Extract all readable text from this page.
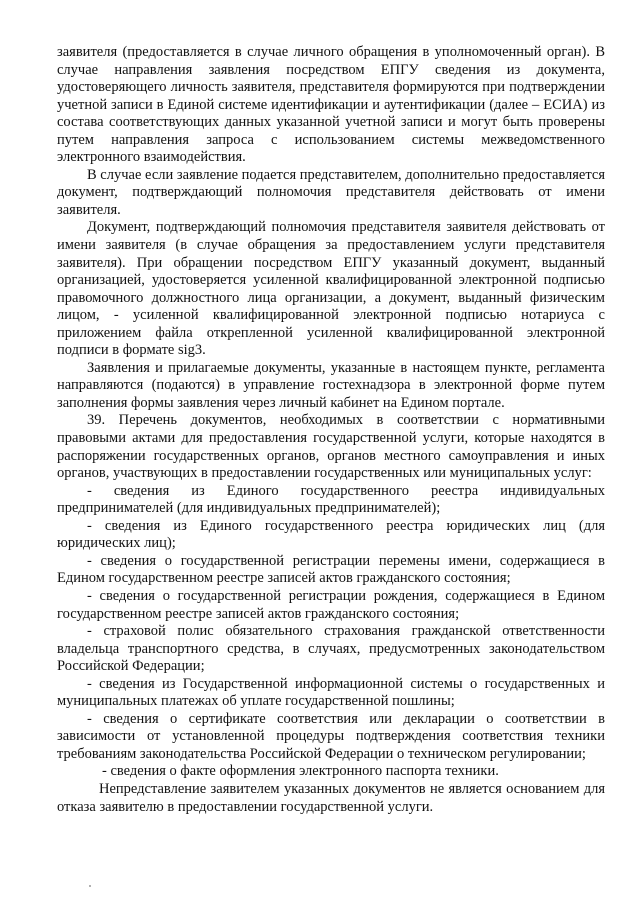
заявителя (предоставляется в случае личного обращения в уполномоченный орган). В случае направления заявления посредством ЕПГУ сведения из документа, удостоверяющего личность заявителя, представителя формируются при подтверждении учетной записи в Единой системе идентификации и аутентификации (далее – ЕСИА) из состава соответствующих данных указанной учетной записи и могут быть проверены путем направления запроса с использованием системы межведомственного электронного взаимодействия.

В случае если заявление подается представителем, дополнительно предоставляется документ, подтверждающий полномочия представителя действовать от имени заявителя.

Документ, подтверждающий полномочия представителя заявителя действовать от имени заявителя (в случае обращения за предоставлением услуги представителя заявителя). При обращении посредством ЕПГУ указанный документ, выданный организацией, удостоверяется усиленной квалифицированной электронной подписью правомочного должностного лица организации, а документ, выданный физическим лицом, - усиленной квалифицированной электронной подписью нотариуса с приложением файла открепленной усиленной квалифицированной электронной подписи в формате sig3.

Заявления и прилагаемые документы, указанные в настоящем пункте, регламента направляются (подаются) в управление гостехнадзора в электронной форме путем заполнения формы заявления через личный кабинет на Едином портале.

39. Перечень документов, необходимых в соответствии с нормативными правовыми актами для предоставления государственной услуги, которые находятся в распоряжении государственных органов, органов местного самоуправления и иных органов, участвующих в предоставлении государственных или муниципальных услуг:

- сведения из Единого государственного реестра индивидуальных предпринимателей (для индивидуальных предпринимателей);

- сведения из Единого государственного реестра юридических лиц (для юридических лиц);

- сведения о государственной регистрации перемены имени, содержащиеся в Едином государственном реестре записей актов гражданского состояния;

- сведения о государственной регистрации рождения, содержащиеся в Едином государственном реестре записей актов гражданского состояния;

- страховой полис обязательного страхования гражданской ответственности владельца транспортного средства, в случаях, предусмотренных законодательством Российской Федерации;

- сведения из Государственной информационной системы о государственных и муниципальных платежах об уплате государственной пошлины;

- сведения о сертификате соответствия или декларации о соответствии в зависимости от установленной процедуры подтверждения соответствия техники требованиям законодательства Российской Федерации о техническом регулировании;

- сведения о факте оформления электронного паспорта техники.

Непредставление заявителем указанных документов не является основанием для отказа заявителю в предоставлении государственной услуги.
